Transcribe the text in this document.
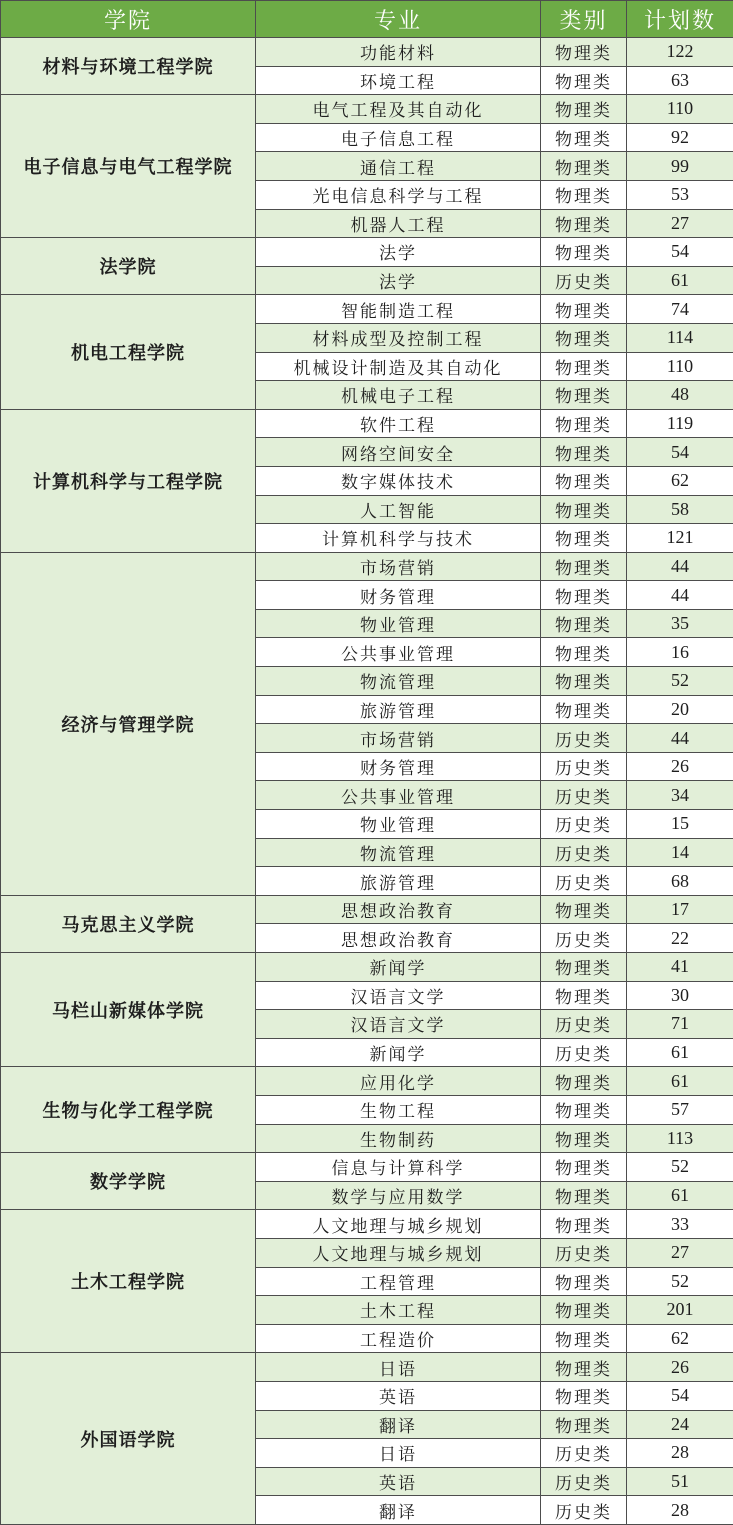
学院	专业	类别	计划数
材料与环境工程学院	功能材料	物理类	122
	环境工程	物理类	63
电子信息与电气工程学院	电气工程及其自动化	物理类	110
	电子信息工程	物理类	92
	通信工程	物理类	99
	光电信息科学与工程	物理类	53
	机器人工程	物理类	27
法学院	法学	物理类	54
	法学	历史类	61
机电工程学院	智能制造工程	物理类	74
	材料成型及控制工程	物理类	114
	机械设计制造及其自动化	物理类	110
	机械电子工程	物理类	48
计算机科学与工程学院	软件工程	物理类	119
	网络空间安全	物理类	54
	数字媒体技术	物理类	62
	人工智能	物理类	58
	计算机科学与技术	物理类	121
经济与管理学院	市场营销	物理类	44
	财务管理	物理类	44
	物业管理	物理类	35
	公共事业管理	物理类	16
	物流管理	物理类	52
	旅游管理	物理类	20
	市场营销	历史类	44
	财务管理	历史类	26
	公共事业管理	历史类	34
	物业管理	历史类	15
	物流管理	历史类	14
	旅游管理	历史类	68
马克思主义学院	思想政治教育	物理类	17
	思想政治教育	历史类	22
马栏山新媒体学院	新闻学	物理类	41
	汉语言文学	物理类	30
	汉语言文学	历史类	71
	新闻学	历史类	61
生物与化学工程学院	应用化学	物理类	61
	生物工程	物理类	57
	生物制药	物理类	113
数学学院	信息与计算科学	物理类	52
	数学与应用数学	物理类	61
土木工程学院	人文地理与城乡规划	物理类	33
	人文地理与城乡规划	历史类	27
	工程管理	物理类	52
	土木工程	物理类	201
	工程造价	物理类	62
外国语学院	日语	物理类	26
	英语	物理类	54
	翻译	物理类	24
	日语	历史类	28
	英语	历史类	51
	翻译	历史类	28
